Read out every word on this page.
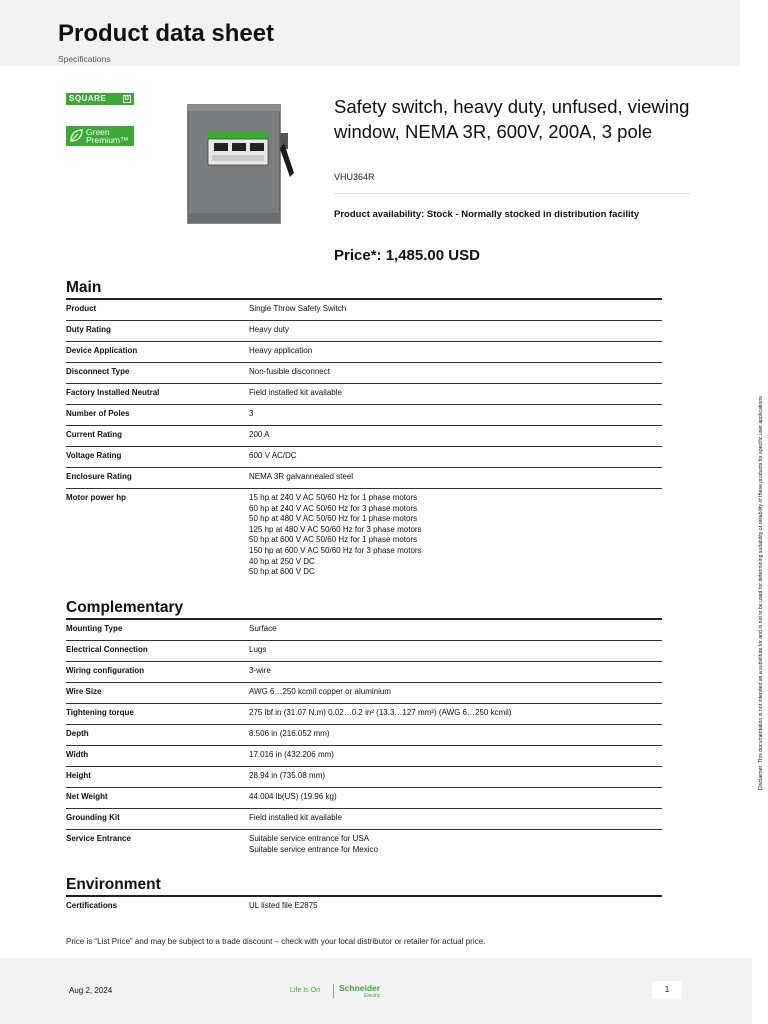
Product data sheet
Specifications
SQUARE	D
Green
Premium™
Safety switch, heavy duty, unfused, viewing window, NEMA 3R, 600V, 200A, 3 pole
VHU364R
Product availability: Stock - Normally stocked in distribution facility
Price*: 1,485.00 USD
Main
Product	Single Throw Safety Switch
Duty Rating	Heavy duty
Device Application	Heavy application
Disconnect Type	Non-fusible disconnect
Factory Installed Neutral	Field installed kit available
Number of Poles	3
Current Rating	200 A
Voltage Rating	600 V AC/DC
Enclosure Rating	NEMA 3R galvannealed steel
Motor power hp	15 hp at 240 V AC 50/60 Hz for 1 phase motors
60 hp at 240 V AC 50/60 Hz for 3 phase motors
50 hp at 480 V AC 50/60 Hz for 1 phase motors
125 hp at 480 V AC 50/60 Hz for 3 phase motors
50 hp at 600 V AC 50/60 Hz for 1 phase motors
150 hp at 600 V AC 50/60 Hz for 3 phase motors
40 hp at 250 V DC
50 hp at 600 V DC
Complementary
Mounting Type	Surface
Electrical Connection	Lugs
Wiring configuration	3-wire
Wire Size	AWG 6…250 kcmil copper or aluminium
Tightening torque	275 lbf.in (31.07 N.m) 0.02…0.2 in² (13.3…127 mm²) (AWG 6…250 kcmil)
Depth	8.506 in (216.052 mm)
Width	17.016 in (432.206 mm)
Height	28.94 in (735.08 mm)
Net Weight	44.004 lb(US) (19.96 kg)
Grounding Kit	Field installed kit available
Service Entrance	Suitable service entrance for USA
Suitable service entrance for Mexico
Environment
Certifications	UL listed file E2875
Price is “List Price” and may be subject to a trade discount – check with your local distributor or retailer for actual price.
Aug 2, 2024	Life Is On Schneider
Electric
1
Disclaimer: This documentation is not intended as a substitute for and is not to be used for determining suitability or reliability of these products for specific user applications
